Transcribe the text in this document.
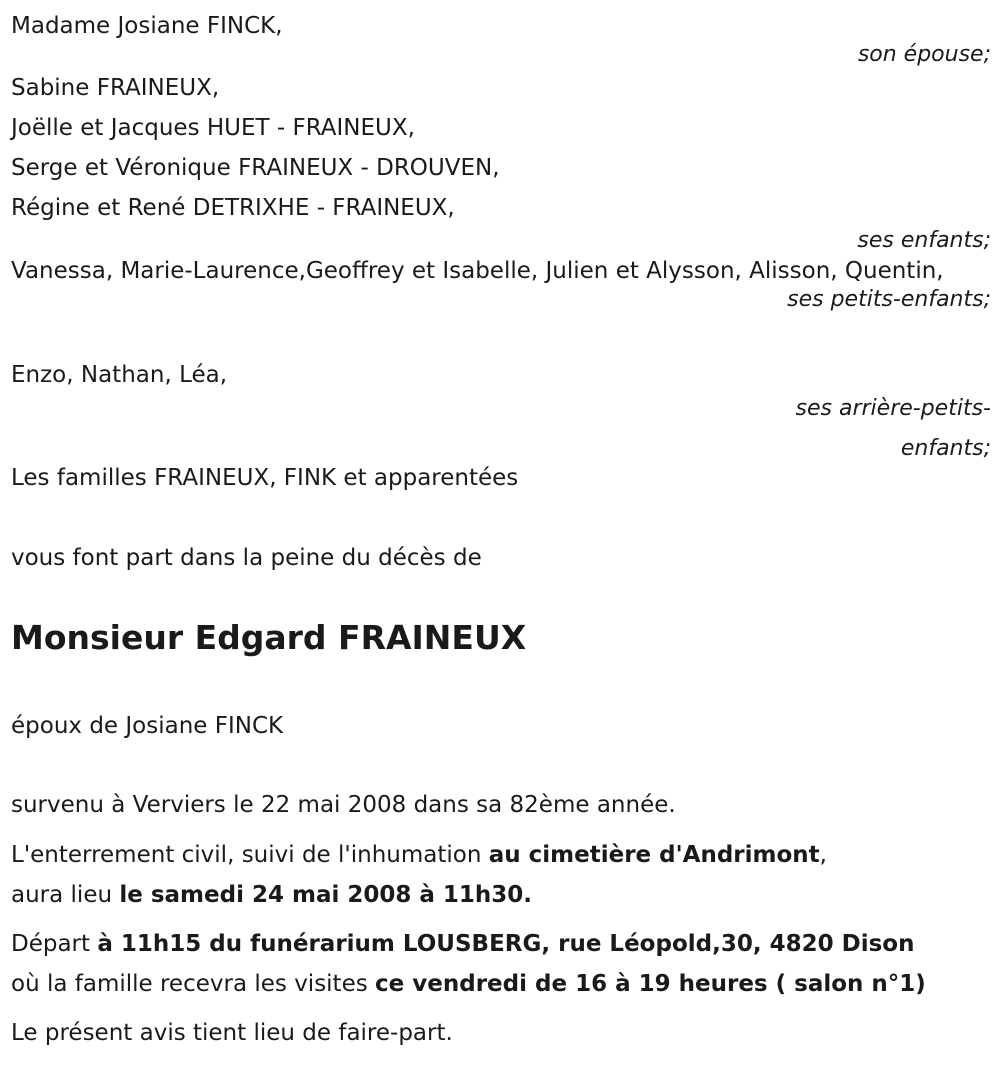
Madame Josiane FINCK,

son épouse;

Sabine FRAINEUX,

Joëlle et Jacques HUET - FRAINEUX,

Serge et Véronique FRAINEUX - DROUVEN,

Régine et René DETRIXHE - FRAINEUX,

ses enfants;

Vanessa, Marie-Laurence,Geoffrey et Isabelle, Julien et Alysson, Alisson, Quentin,

ses petits-enfants;

Enzo, Nathan, Léa,

ses arrière-petits-enfants;

Les familles FRAINEUX, FINK et apparentées

vous font part dans la peine du décès de

Monsieur Edgard FRAINEUX

époux de Josiane FINCK

survenu à Verviers le 22 mai 2008 dans sa 82ème année.

L'enterrement civil, suivi de l'inhumation au cimetière d'Andrimont,

aura lieu le samedi 24 mai 2008 à 11h30.

Départ à 11h15 du funérarium LOUSBERG, rue Léopold,30, 4820 Dison

où la famille recevra les visites ce vendredi de 16 à 19 heures ( salon n°1)

Le présent avis tient lieu de faire-part.
